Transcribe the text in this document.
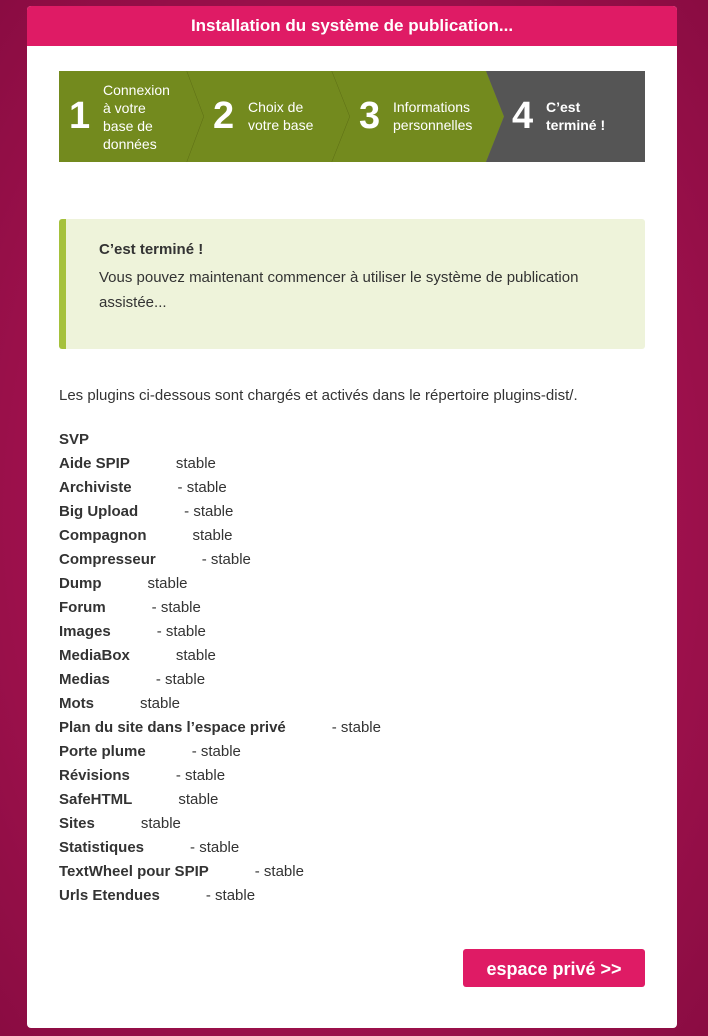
Installation du système de publication...
1
Connexion
à votre
base de
données
2 Choix de
votre base 3 Informations
personnelles 4 C’est
terminé !
C’est terminé !
Vous pouvez maintenant commencer à utiliser le système de publication assistée...
Les plugins ci-dessous sont chargés et activés dans le répertoire plugins-dist/.
SVP
Aide SPIP	stable
Archiviste	- stable
Big Upload	- stable
Compagnon	stable
Compresseur	- stable
Dump	stable
Forum	- stable
Images	- stable
MediaBox	stable
Medias	- stable
Mots	stable
Plan du site dans l’espace privé	- stable
Porte plume	- stable
Révisions	- stable
SafeHTML	stable
Sites	stable
Statistiques	- stable
TextWheel pour SPIP	- stable
Urls Etendues	- stable
espace privé >>
